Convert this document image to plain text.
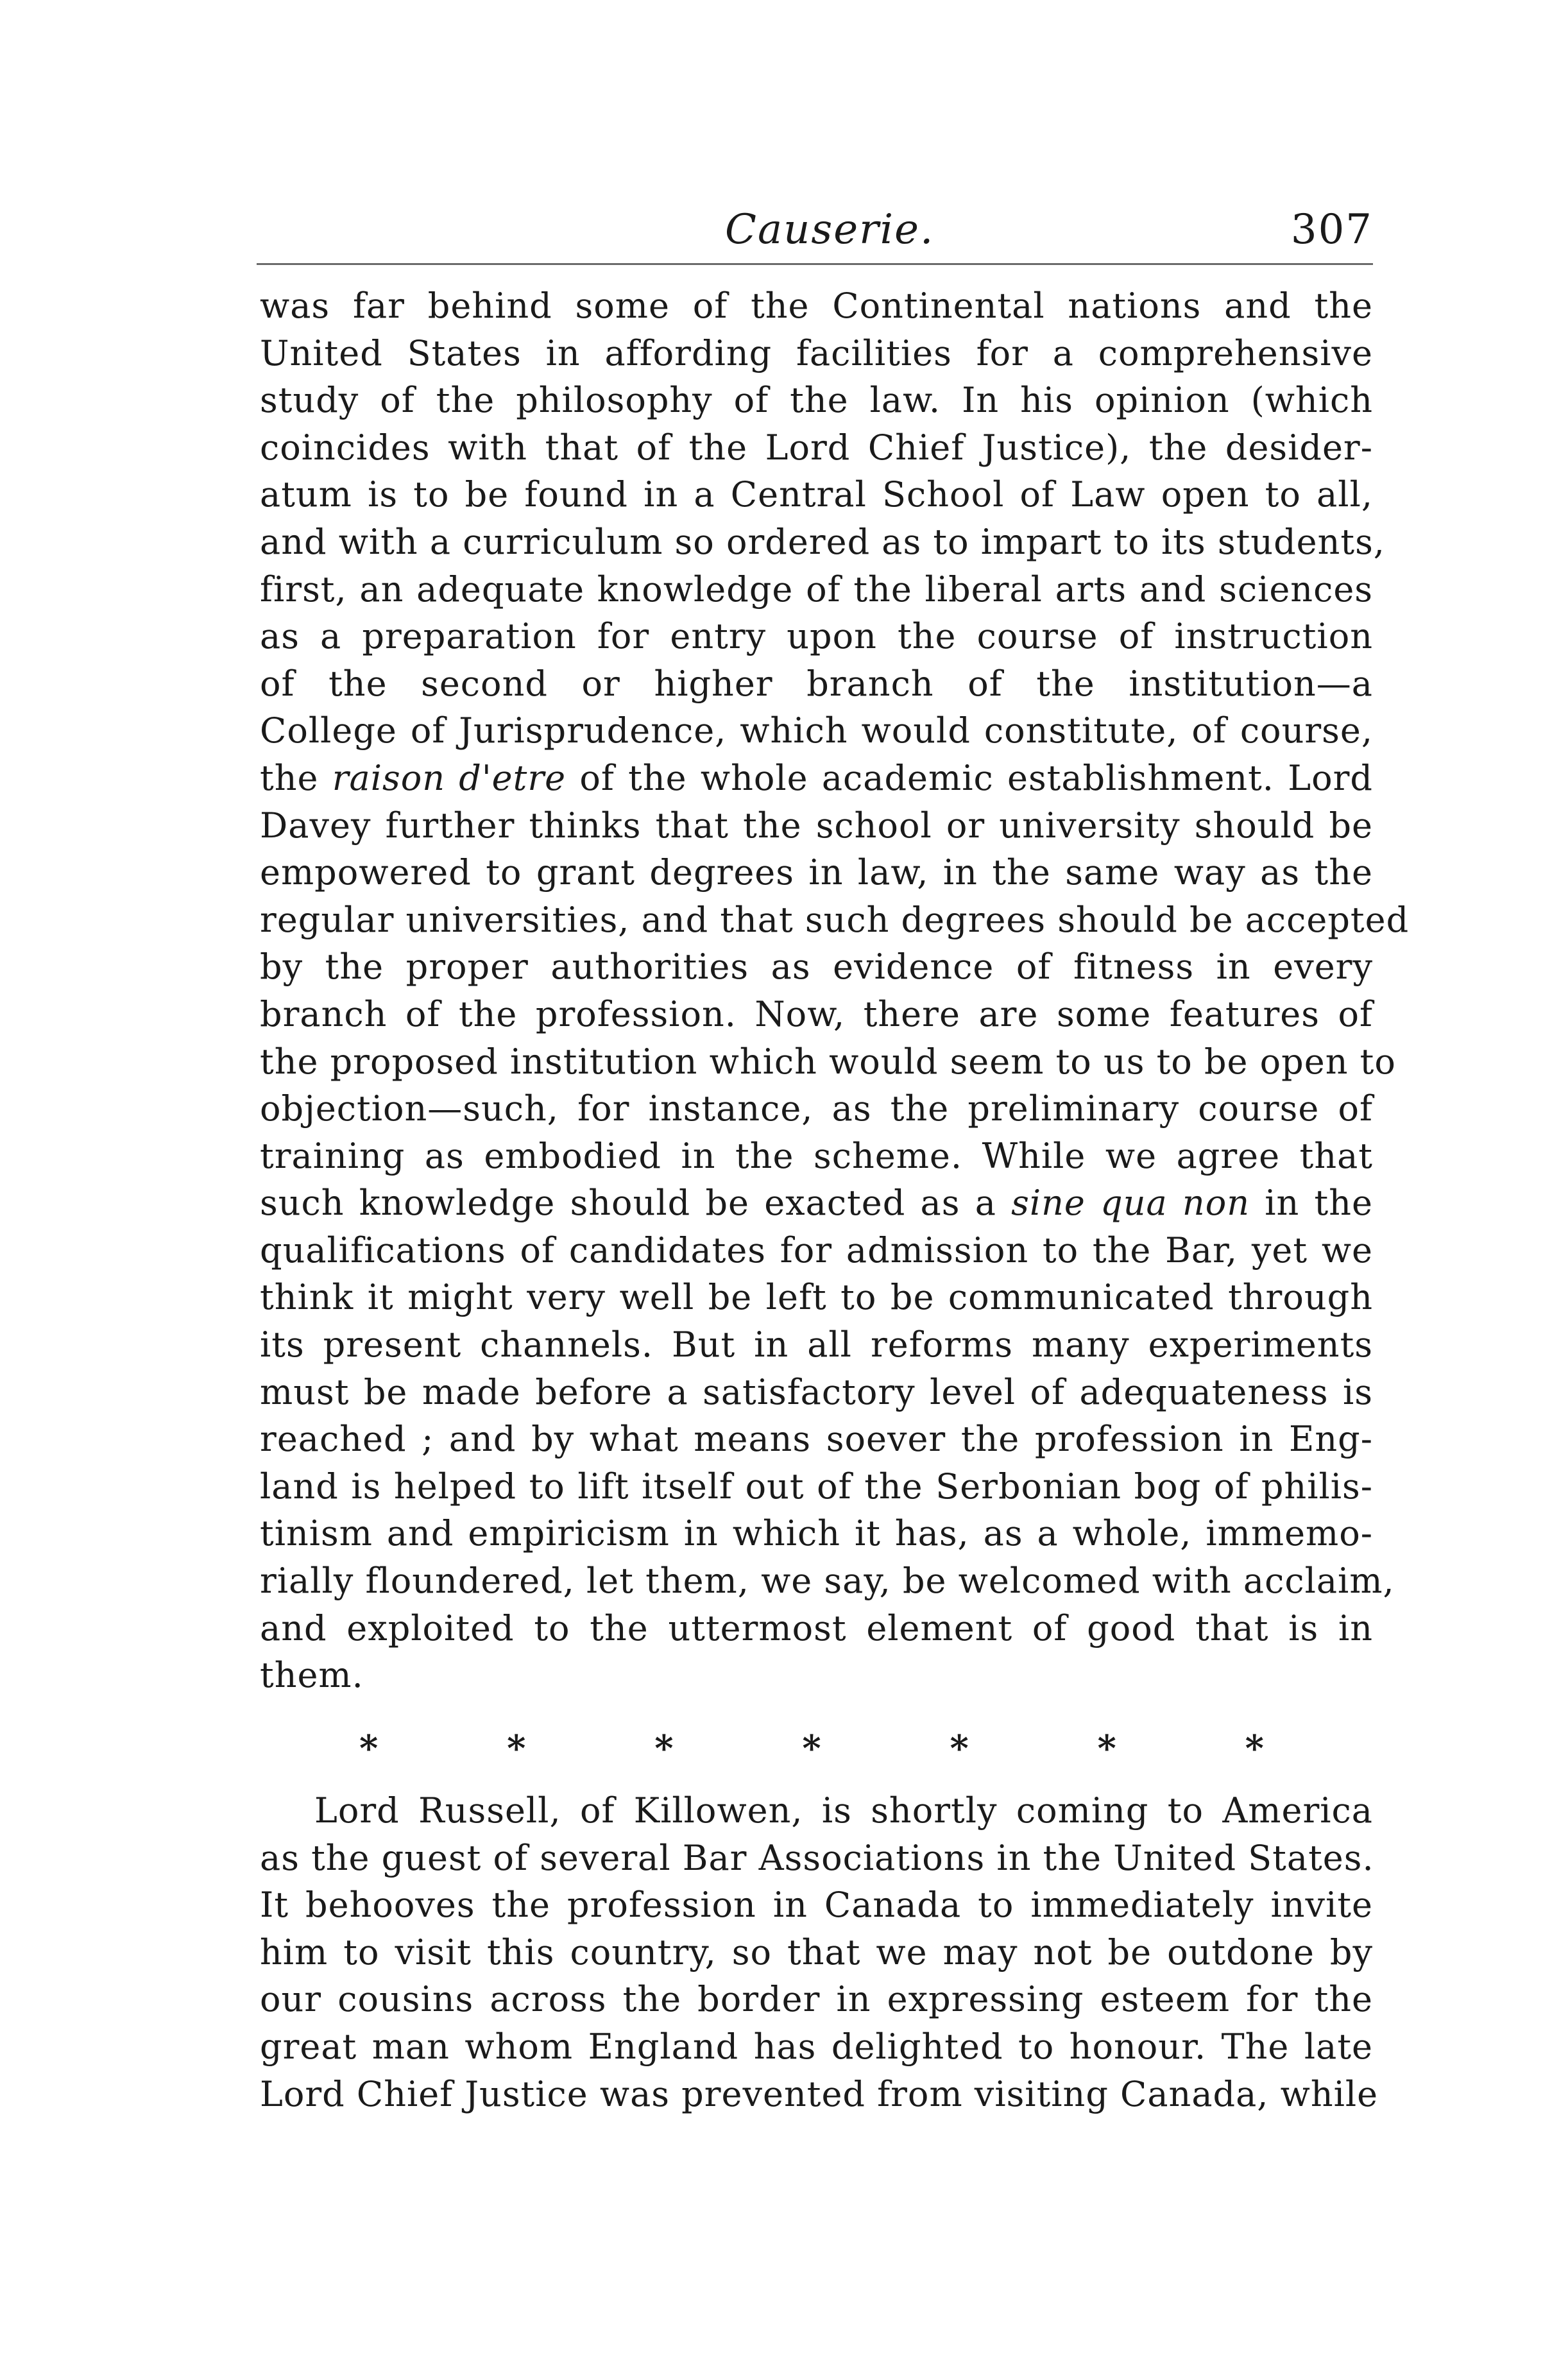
Causerie.	307
was far behind some of the Continental nations and the
United States in affording facilities for a comprehensive
study of the philosophy of the law. In his opinion (which
coincides with that of the Lord Chief Justice), the desider-
atum is to be found in a Central School of Law open to all,
and with a curriculum so ordered as to impart to its students,
first, an adequate knowledge of the liberal arts and sciences
as a preparation for entry upon the course of instruction
of the second or higher branch of the institution—a
College of Jurisprudence, which would constitute, of course,
the raison d'etre of the whole academic establishment. Lord
Davey further thinks that the school or university should be
empowered to grant degrees in law, in the same way as the
regular universities, and that such degrees should be accepted
by the proper authorities as evidence of fitness in every
branch of the profession. Now, there are some features of
the proposed institution which would seem to us to be open to
objection—such, for instance, as the preliminary course of
training as embodied in the scheme. While we agree that
such knowledge should be exacted as a sine qua non in the
qualifications of candidates for admission to the Bar, yet we
think it might very well be left to be communicated through
its present channels. But in all reforms many experiments
must be made before a satisfactory level of adequateness is
reached ; and by what means soever the profession in Eng-
land is helped to lift itself out of the Serbonian bog of philis-
tinism and empiricism in which it has, as a whole, immemo-
rially floundered, let them, we say, be welcomed with acclaim,
and exploited to the uttermost element of good that is in
them.
*	*	*	*	*	*	*
Lord Russell, of Killowen, is shortly coming to America
as the guest of several Bar Associations in the United States.
It behooves the profession in Canada to immediately invite
him to visit this country, so that we may not be outdone by
our cousins across the border in expressing esteem for the
great man whom England has delighted to honour. The late
Lord Chief Justice was prevented from visiting Canada, while
